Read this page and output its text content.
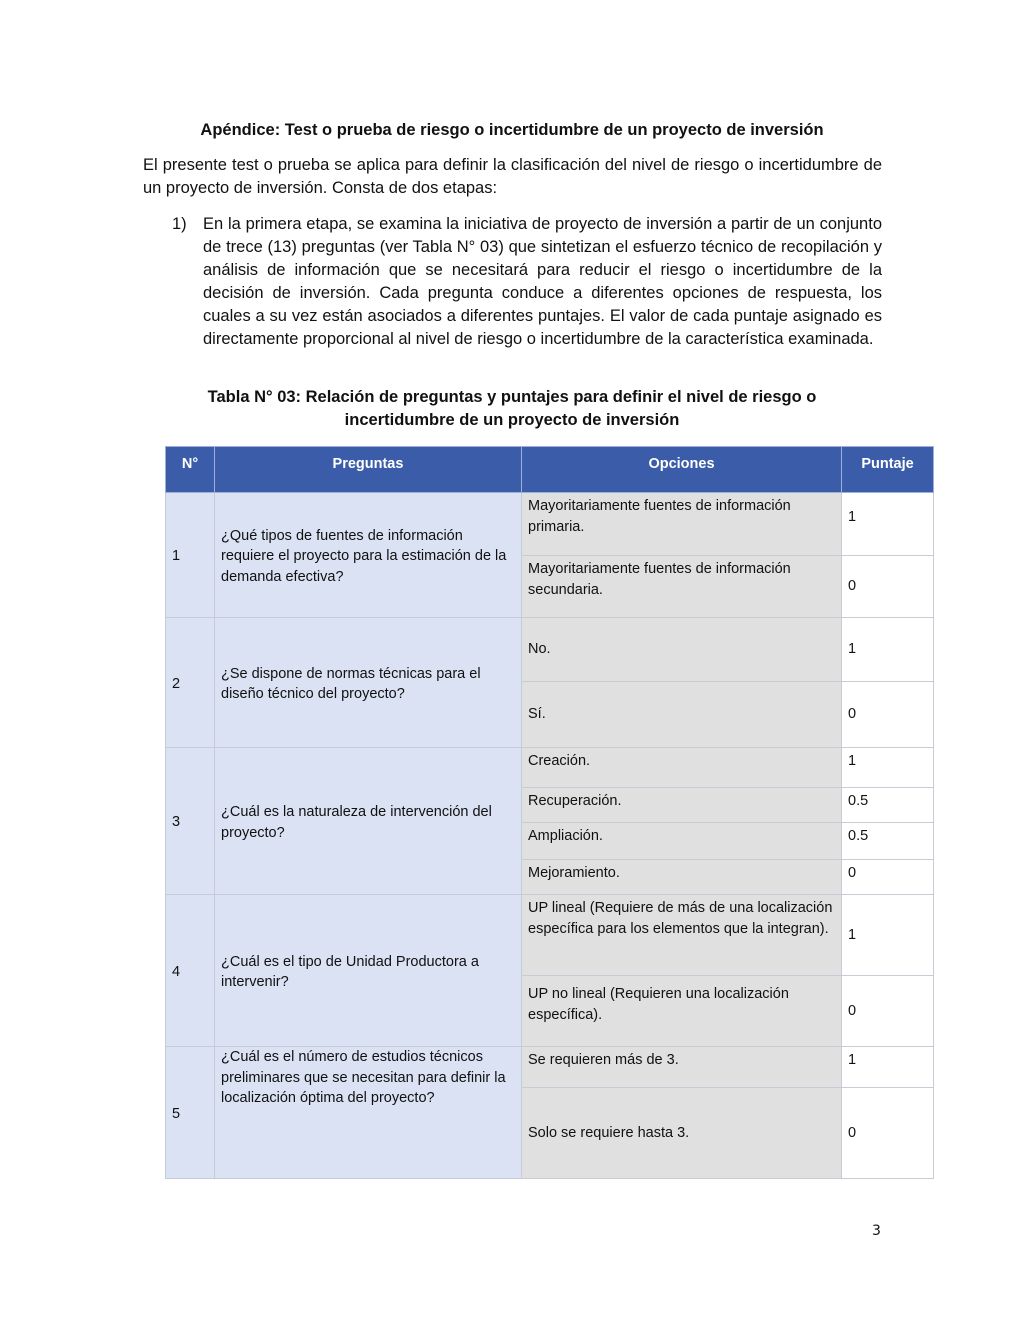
Apéndice: Test o prueba de riesgo o incertidumbre de un proyecto de inversión

El presente test o prueba se aplica para definir la clasificación del nivel de riesgo o incertidumbre de un proyecto de inversión. Consta de dos etapas:

1) En la primera etapa, se examina la iniciativa de proyecto de inversión a partir de un conjunto de trece (13) preguntas (ver Tabla N° 03) que sintetizan el esfuerzo técnico de recopilación y análisis de información que se necesitará para reducir el riesgo o incertidumbre de la decisión de inversión. Cada pregunta conduce a diferentes opciones de respuesta, los cuales a su vez están asociados a diferentes puntajes. El valor de cada puntaje asignado es directamente proporcional al nivel de riesgo o incertidumbre de la característica examinada.

Tabla N° 03: Relación de preguntas y puntajes para definir el nivel de riesgo o
incertidumbre de un proyecto de inversión
N°	Preguntas	Opciones	Puntaje
1	¿Qué tipos de fuentes de información requiere el proyecto para la estimación de la demanda efectiva?	Mayoritariamente fuentes de información primaria.	1
		Mayoritariamente fuentes de información secundaria.	0
2	¿Se dispone de normas técnicas para el diseño técnico del proyecto?	No.	1
		Sí.	0
3	¿Cuál es la naturaleza de intervención del proyecto?	Creación.	1
		Recuperación.	0.5
		Ampliación.	0.5
		Mejoramiento.	0
4	¿Cuál es el tipo de Unidad Productora a intervenir?	UP lineal (Requiere de más de una localización específica para los elementos que la integran).	1
		UP no lineal (Requieren una localización específica).	0
5	¿Cuál es el número de estudios técnicos preliminares que se necesitan para definir la localización óptima del proyecto?	Se requieren más de 3.	1
		Solo se requiere hasta 3.	0
3
